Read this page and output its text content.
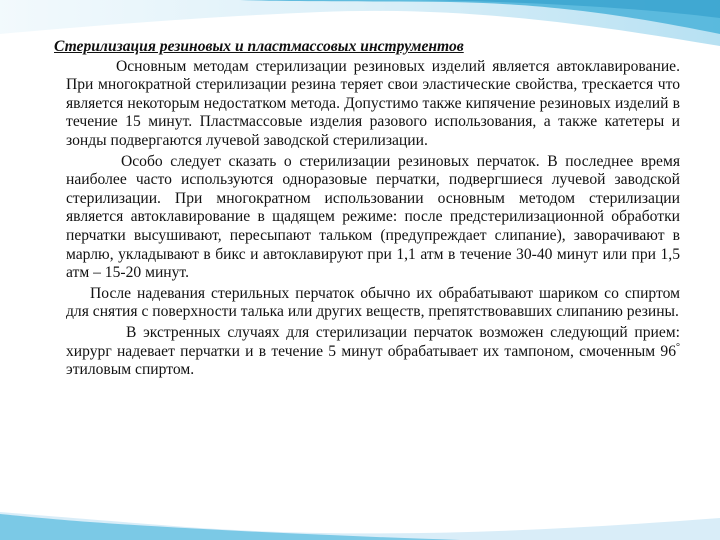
Стерилизация резиновых и пластмассовых инструментов

Основным методам стерилизации резиновых изделий является автоклавирование. При многократной стерилизации резина теряет свои эластические свойства, трескается что является некоторым недостатком метода. Допустимо также кипячение резиновых изделий в течение 15 минут. Пластмассовые изделия разового использования, а также катетеры и зонды подвергаются лучевой заводской стерилизации.

Особо следует сказать о стерилизации резиновых перчаток. В последнее время наиболее часто используются одноразовые перчатки, подвергшиеся лучевой заводской стерилизации. При многократном использовании основным методом стерилизации является автоклавирование в щадящем режиме: после предстерилизационной обработки перчатки высушивают, пересыпают тальком (предупреждает слипание), заворачивают в марлю, укладывают в бикс и автоклавируют при 1,1 атм в течение 30-40 минут или при 1,5 атм – 15-20 минут.

После надевания стерильных перчаток обычно их обрабатывают шариком со спиртом для снятия с поверхности талька или других веществ, препятствовавших слипанию резины.

В экстренных случаях для стерилизации перчаток возможен следующий прием: хирург надевает перчатки и в течение 5 минут обрабатывает их тампоном, смоченным 96° этиловым спиртом.
